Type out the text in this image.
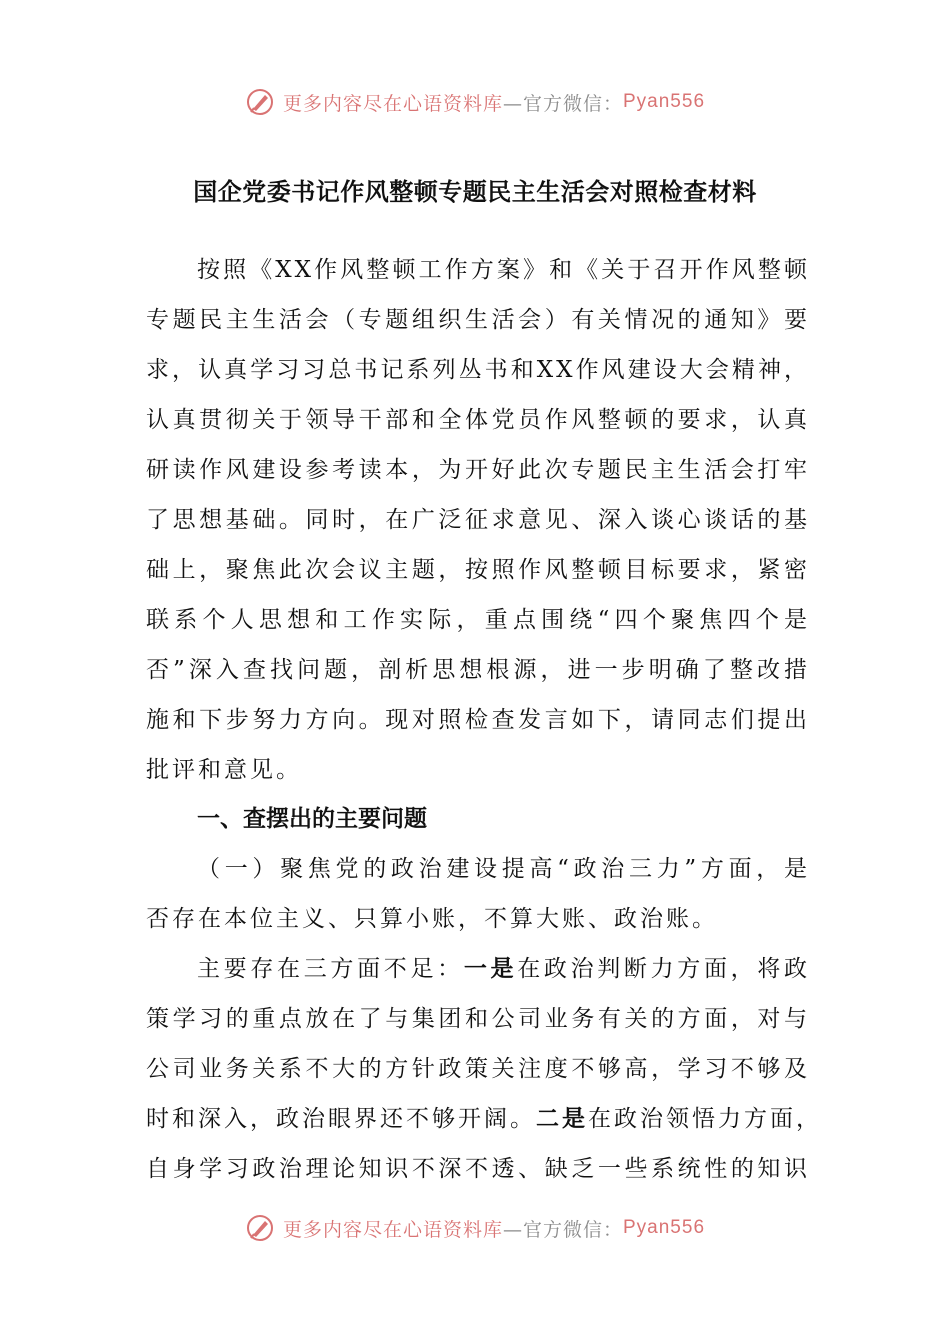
更多内容尽在心语资料库 —官方微信： Pyan556
国企党委书记作风整顿专题民主生活会对照检查材料
按照《XX作风整顿工作方案》和《关于召开作风整顿
专题民主生活会（专题组织生活会）有关情况的通知》要
求，认真学习习总书记系列丛书和XX作风建设大会精神，
认真贯彻关于领导干部和全体党员作风整顿的要求，认真
研读作风建设参考读本，为开好此次专题民主生活会打牢
了思想基础。同时，在广泛征求意见、深入谈心谈话的基
础上，聚焦此次会议主题，按照作风整顿目标要求，紧密
联系个人思想和工作实际，重点围绕“四个聚焦四个是
否”深入查找问题，剖析思想根源，进一步明确了整改措
施和下步努力方向。现对照检查发言如下，请同志们提出
批评和意见。
一、查摆出的主要问题
（一）聚焦党的政治建设提高“政治三力”方面，是
否存在本位主义、只算小账，不算大账、政治账。
主要存在三方面不足：一是在政治判断力方面，将政
策学习的重点放在了与集团和公司业务有关的方面，对与
公司业务关系不大的方针政策关注度不够高，学习不够及
时和深入，政治眼界还不够开阔。二是在政治领悟力方面，
自身学习政治理论知识不深不透、缺乏一些系统性的知识
更多内容尽在心语资料库 —官方微信： Pyan556
